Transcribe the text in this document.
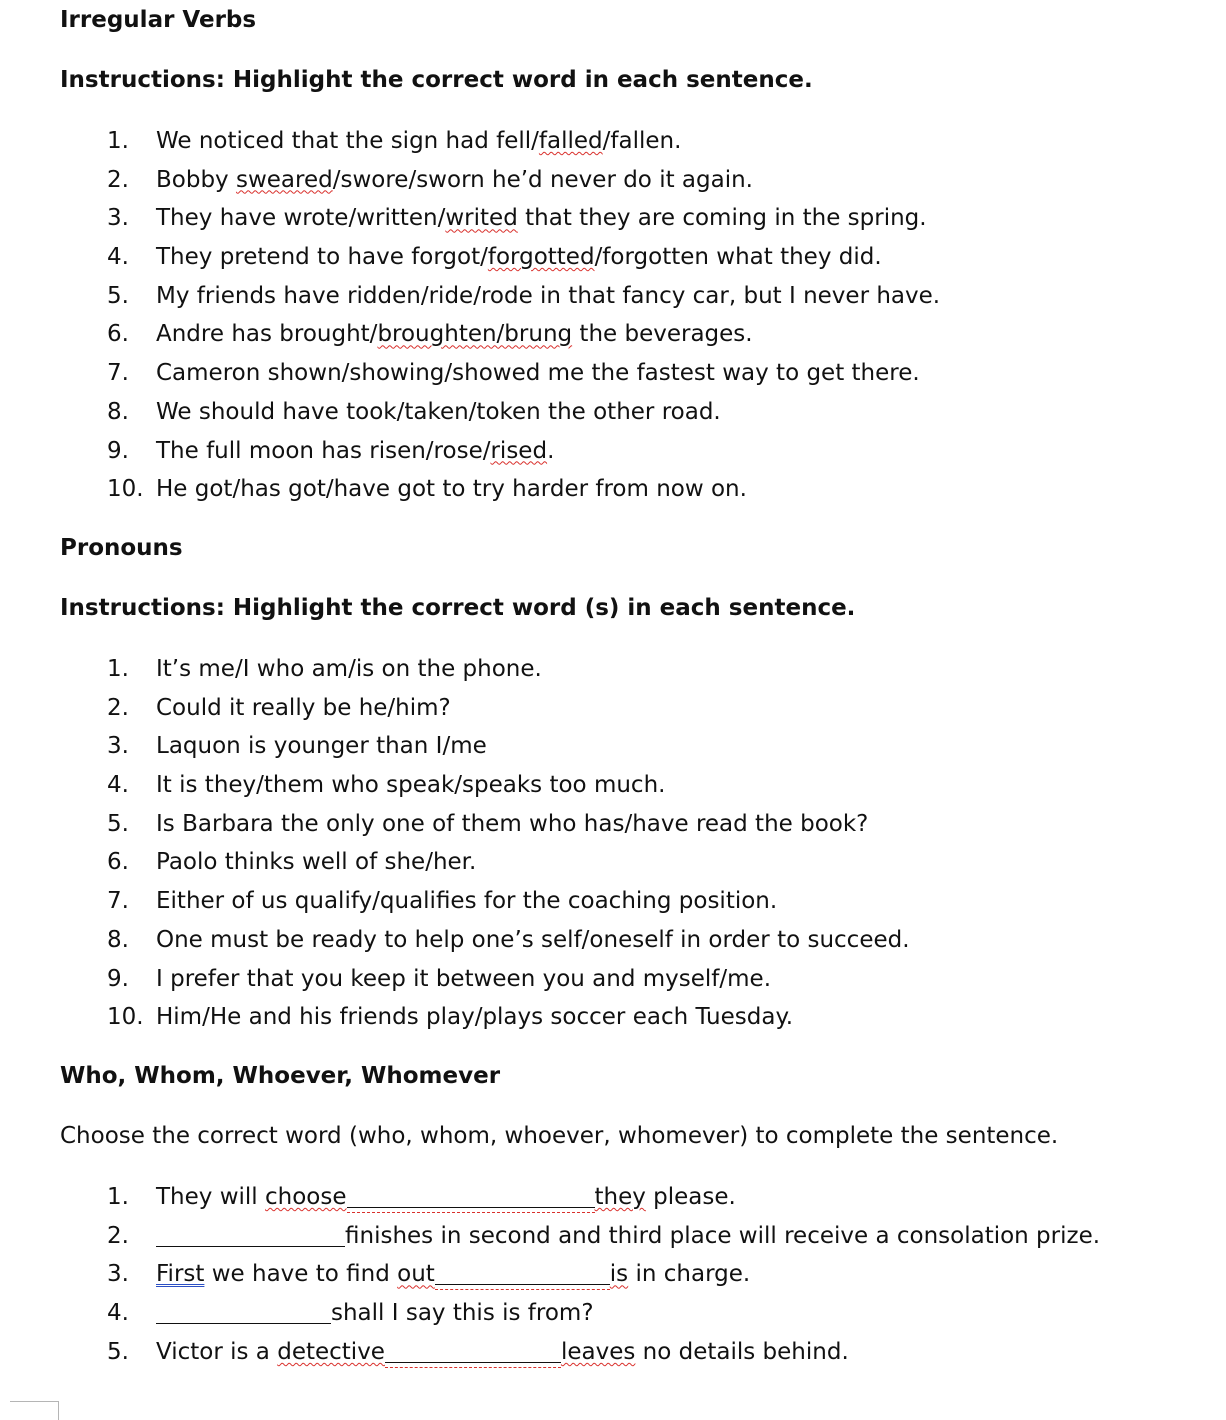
Irregular Verbs
Instructions: Highlight the correct word in each sentence.
1.	We noticed that the sign had fell/falled/fallen.
2.	Bobby sweared/swore/sworn he’d never do it again.
3.	They have wrote/written/writed that they are coming in the spring.
4.	They pretend to have forgot/forgotted/forgotten what they did.
5.	My friends have ridden/ride/rode in that fancy car, but I never have.
6.	Andre has brought/broughten/brung the beverages.
7.	Cameron shown/showing/showed me the fastest way to get there.
8.	We should have took/taken/token the other road.
9.	The full moon has risen/rose/rised.
10. He got/has got/have got to try harder from now on.
Pronouns
Instructions: Highlight the correct word (s) in each sentence.
1.	It’s me/I who am/is on the phone.
2.	Could it really be he/him?
3.	Laquon is younger than I/me
4.	It is they/them who speak/speaks too much.
5.	Is Barbara the only one of them who has/have read the book?
6.	Paolo thinks well of she/her.
7.	Either of us qualify/qualifies for the coaching position.
8.	One must be ready to help one’s self/oneself in order to succeed.
9.	I prefer that you keep it between you and myself/me.
10. Him/He and his friends play/plays soccer each Tuesday.
Who, Whom, Whoever, Whomever
Choose the correct word (who, whom, whoever, whomever) to complete the sentence.
1.	They will choose	they please.
2.	finishes in second and third place will receive a consolation prize.
3.	First we have to find out	is in charge.
4.	shall I say this is from?
5.	Victor is a detective	leaves no details behind.
